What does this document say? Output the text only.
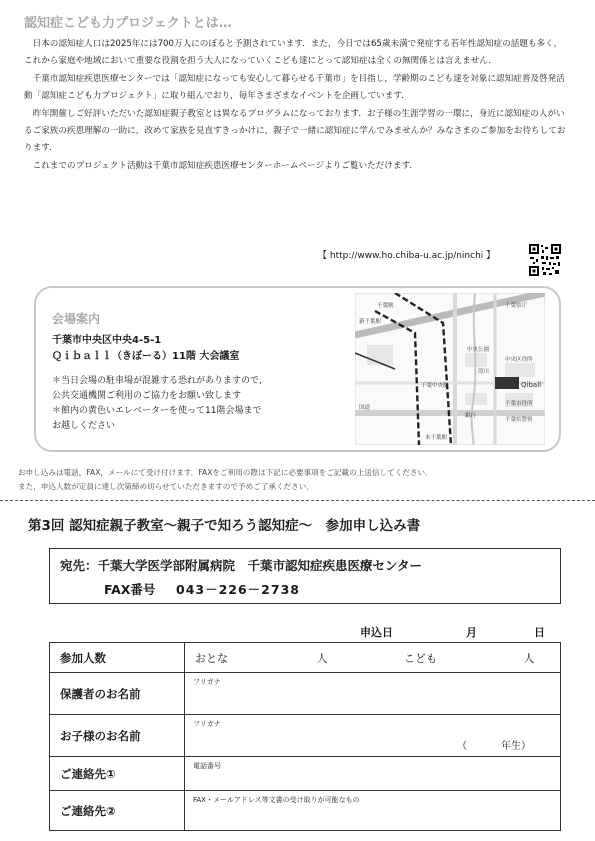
認知症こども力プロジェクトとは…

日本の認知症人口は2025年には700万人にのぼると予測されています．また，今日では65歳未満で発症する若年性認知症の話題も多く，これから家庭や地域において重要な役割を担う大人になっていくこども達にとって認知症は全くの無関係とは言えません．

千葉市認知症疾患医療センターでは「認知症になっても安心して暮らせる千葉市」を目指し，学齢期のこども達を対象に認知症普及啓発活動「認知症こども力プロジェクト」に取り組んでおり，毎年さまざまなイベントを企画しています．

昨年開催しご好評いただいた認知症親子教室とは異なるプログラムになっております．お子様の生涯学習の一環に，身近に認知症の人がいるご家族の疾患理解の一助に，改めて家族を見直すきっかけに，親子で一緒に認知症に学んでみませんか？みなさまのご参加をお待ちしております．

これまでのプロジェクト活動は千葉市認知症疾患医療センターホームページよりご覧いただけます．

【 http://www.ho.chiba-u.ac.jp/ninchi 】
会場案内
千葉市中央区中央4-5-1
Ｑｉｂａｌｌ（きぼーる）11階 大会議室
＊当日会場の駐車場が混雑する恐れがありますので,
公共交通機関ご利用のご協力をお願い致します
＊館内の黄色いエレベーターを使って11階会場まで
お越しください
Qiball
千葉駅
新千葉駅
千葉県庁
中央公園
千葉中央駅
本千葉駅
中央区役所
千葉市役所
葭川
銀行
千葉県警察
国道
お申し込みは電話，FAX，メールにて受け付けます．FAXをご利用の際は下記に必要事項をご記載の上送信してください．
また，申込人数が定員に達し次第締め切らせていただきますので予めご了承ください．
第3回 認知症親子教室～親子で知ろう認知症～　参加申し込み書
宛先：千葉大学医学部附属病院　千葉市認知症疾患医療センター
FAX番号 043－226－2738
申込日	月	日
参加人数	おとな 人 こども 人
保護者のお名前	フリガナ

お子様のお名前	フリガナ
（ 年生）

ご連絡先①	電話番号

ご連絡先②	FAX・メールアドレス等文書の受け取りが可能なもの
